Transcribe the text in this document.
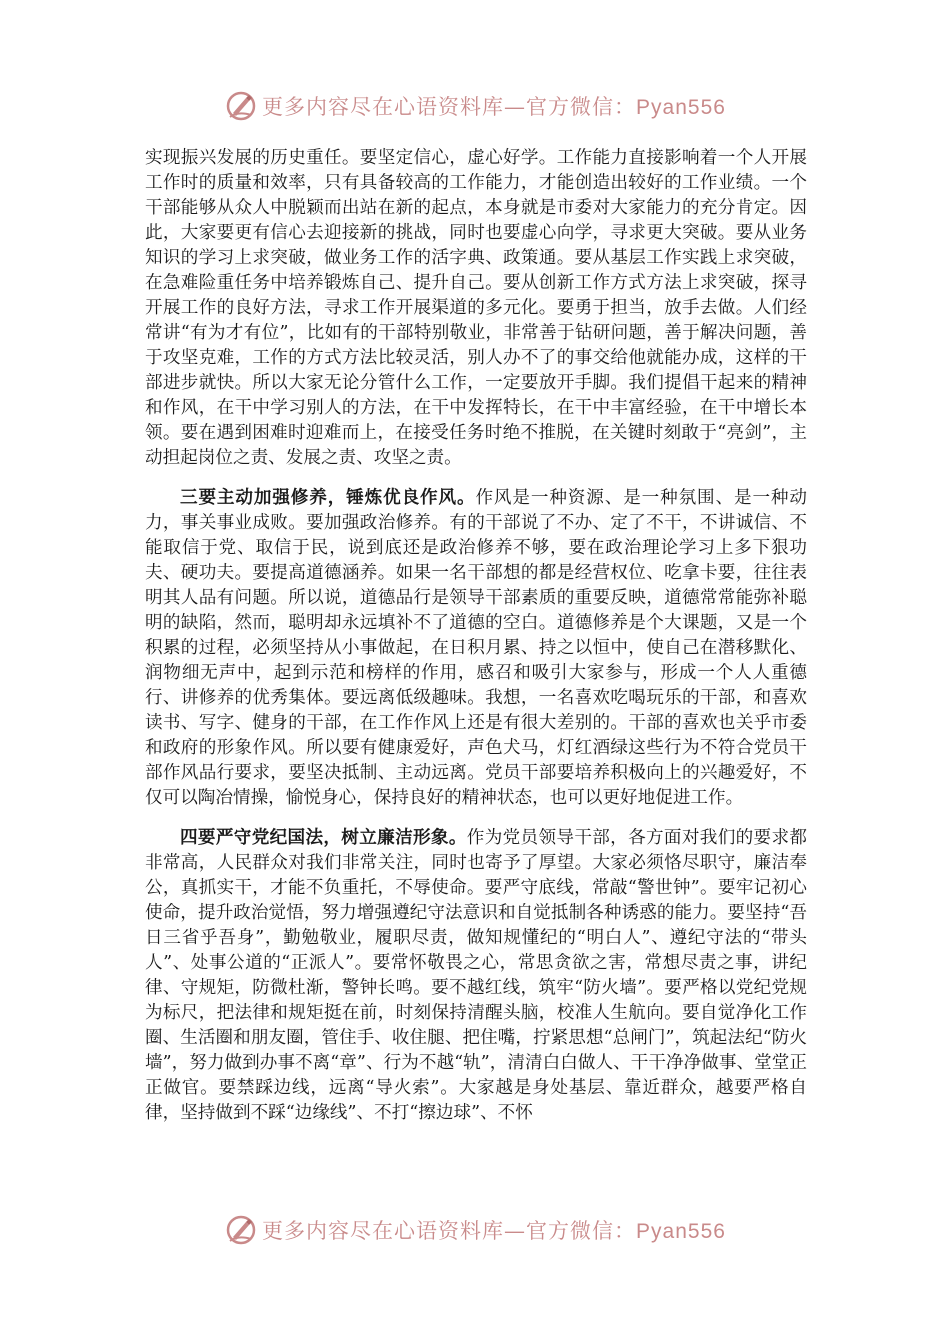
更多内容尽在心语资料库—官方微信：Pyan556

实现振兴发展的历史重任。要坚定信心，虚心好学。工作能力直接影响着一个人开展工作时的质量和效率，只有具备较高的工作能力，才能创造出较好的工作业绩。一个干部能够从众人中脱颖而出站在新的起点，本身就是市委对大家能力的充分肯定。因此，大家要更有信心去迎接新的挑战，同时也要虚心向学，寻求更大突破。要从业务知识的学习上求突破，做业务工作的活字典、政策通。要从基层工作实践上求突破，在急难险重任务中培养锻炼自己、提升自己。要从创新工作方式方法上求突破，探寻开展工作的良好方法，寻求工作开展渠道的多元化。要勇于担当，放手去做。人们经常讲“有为才有位”，比如有的干部特别敬业，非常善于钻研问题，善于解决问题，善于攻坚克难，工作的方式方法比较灵活，别人办不了的事交给他就能办成，这样的干部进步就快。所以大家无论分管什么工作，一定要放开手脚。我们提倡干起来的精神和作风，在干中学习别人的方法，在干中发挥特长，在干中丰富经验，在干中增长本领。要在遇到困难时迎难而上，在接受任务时绝不推脱，在关键时刻敢于“亮剑”，主动担起岗位之责、发展之责、攻坚之责。

三要主动加强修养，锤炼优良作风。作风是一种资源、是一种氛围、是一种动力，事关事业成败。要加强政治修养。有的干部说了不办、定了不干，不讲诚信、不能取信于党、取信于民，说到底还是政治修养不够，要在政治理论学习上多下狠功夫、硬功夫。要提高道德涵养。如果一名干部想的都是经营权位、吃拿卡要，往往表明其人品有问题。所以说，道德品行是领导干部素质的重要反映，道德常常能弥补聪明的缺陷，然而，聪明却永远填补不了道德的空白。道德修养是个大课题，又是一个积累的过程，必须坚持从小事做起，在日积月累、持之以恒中，使自己在潜移默化、润物细无声中，起到示范和榜样的作用，感召和吸引大家参与，形成一个人人重德行、讲修养的优秀集体。要远离低级趣味。我想，一名喜欢吃喝玩乐的干部，和喜欢读书、写字、健身的干部，在工作作风上还是有很大差别的。干部的喜欢也关乎市委和政府的形象作风。所以要有健康爱好，声色犬马，灯红酒绿这些行为不符合党员干部作风品行要求，要坚决抵制、主动远离。党员干部要培养积极向上的兴趣爱好，不仅可以陶冶情操，愉悦身心，保持良好的精神状态，也可以更好地促进工作。

四要严守党纪国法，树立廉洁形象。作为党员领导干部，各方面对我们的要求都非常高，人民群众对我们非常关注，同时也寄予了厚望。大家必须恪尽职守，廉洁奉公，真抓实干，才能不负重托，不辱使命。要严守底线，常敲“警世钟”。要牢记初心使命，提升政治觉悟，努力增强遵纪守法意识和自觉抵制各种诱惑的能力。要坚持“吾日三省乎吾身”，勤勉敬业，履职尽责，做知规懂纪的“明白人”、遵纪守法的“带头人”、处事公道的“正派人”。要常怀敬畏之心，常思贪欲之害，常想尽责之事，讲纪律、守规矩，防微杜渐，警钟长鸣。要不越红线，筑牢“防火墙”。要严格以党纪党规为标尺，把法律和规矩挺在前，时刻保持清醒头脑，校准人生航向。要自觉净化工作圈、生活圈和朋友圈，管住手、收住腿、把住嘴，拧紧思想“总闸门”，筑起法纪“防火墙”，努力做到办事不离“章”、行为不越“轨”，清清白白做人、干干净净做事、堂堂正正做官。要禁踩边线，远离“导火索”。大家越是身处基层、靠近群众，越要严格自律，坚持做到不踩“边缘线”、不打“擦边球”、不怀

更多内容尽在心语资料库—官方微信：Pyan556
